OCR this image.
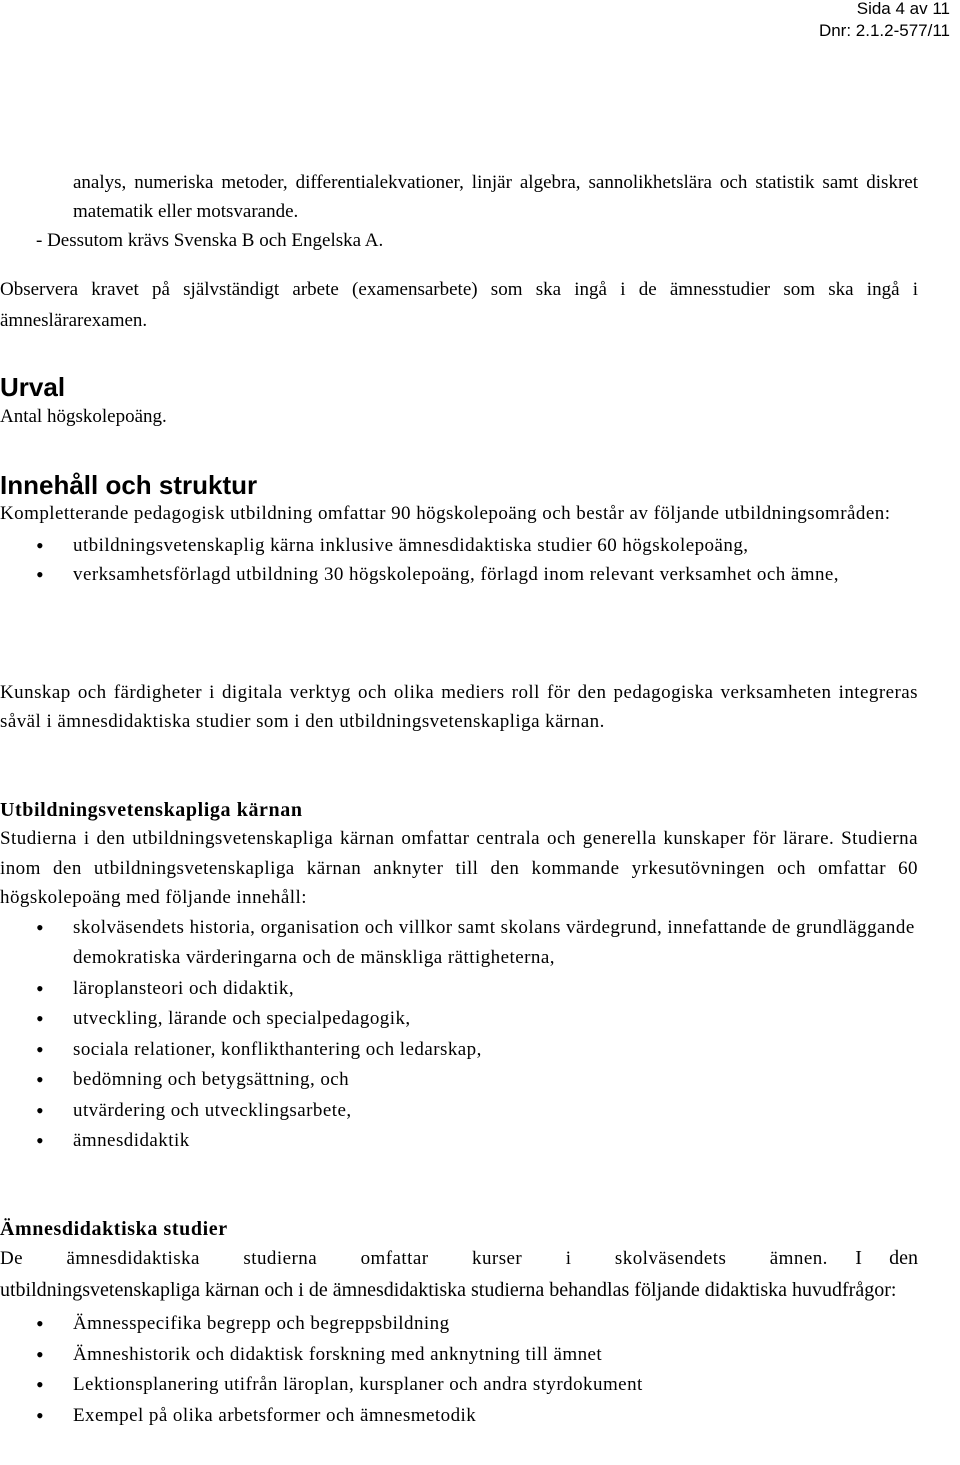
Sida 4 av 11
Dnr: 2.1.2-577/11

analys, numeriska metoder, differentialekvationer, linjär algebra, sannolikhetslära och statistik samt diskret matematik eller motsvarande.

- Dessutom krävs Svenska B och Engelska A.

Observera kravet på självständigt arbete (examensarbete) som ska ingå i de ämnesstudier som ska ingå i ämneslärarexamen.

Urval

Antal högskolepoäng.

Innehåll och struktur

Kompletterande pedagogisk utbildning omfattar 90 högskolepoäng och består av följande utbildningsområden:

• utbildningsvetenskaplig kärna inklusive ämnesdidaktiska studier 60 högskolepoäng,
• verksamhetsförlagd utbildning 30 högskolepoäng, förlagd inom relevant verksamhet och ämne,

Kunskap och färdigheter i digitala verktyg och olika mediers roll för den pedagogiska verksamheten integreras såväl i ämnesdidaktiska studier som i den utbildningsvetenskapliga kärnan.

Utbildningsvetenskapliga kärnan

Studierna i den utbildningsvetenskapliga kärnan omfattar centrala och generella kunskaper för lärare. Studierna inom den utbildningsvetenskapliga kärnan anknyter till den kommande yrkesutövningen och omfattar 60 högskolepoäng med följande innehåll:

• skolväsendets historia, organisation och villkor samt skolans värdegrund, innefattande de grundläggande demokratiska värderingarna och de mänskliga rättigheterna,
• läroplansteori och didaktik,
• utveckling, lärande och specialpedagogik,
• sociala relationer, konflikthantering och ledarskap,
• bedömning och betygsättning, och
• utvärdering och utvecklingsarbete,
• ämnesdidaktik
Ämnesdidaktiska studier

De ämnesdidaktiska studierna omfattar kurser i skolväsendets ämnen. I den utbildningsvetenskapliga kärnan och i de ämnesdidaktiska studierna behandlas följande didaktiska huvudfrågor:

• Ämnesspecifika begrepp och begreppsbildning
• Ämneshistorik och didaktisk forskning med anknytning till ämnet
• Lektionsplanering utifrån läroplan, kursplaner och andra styrdokument
• Exempel på olika arbetsformer och ämnesmetodik
